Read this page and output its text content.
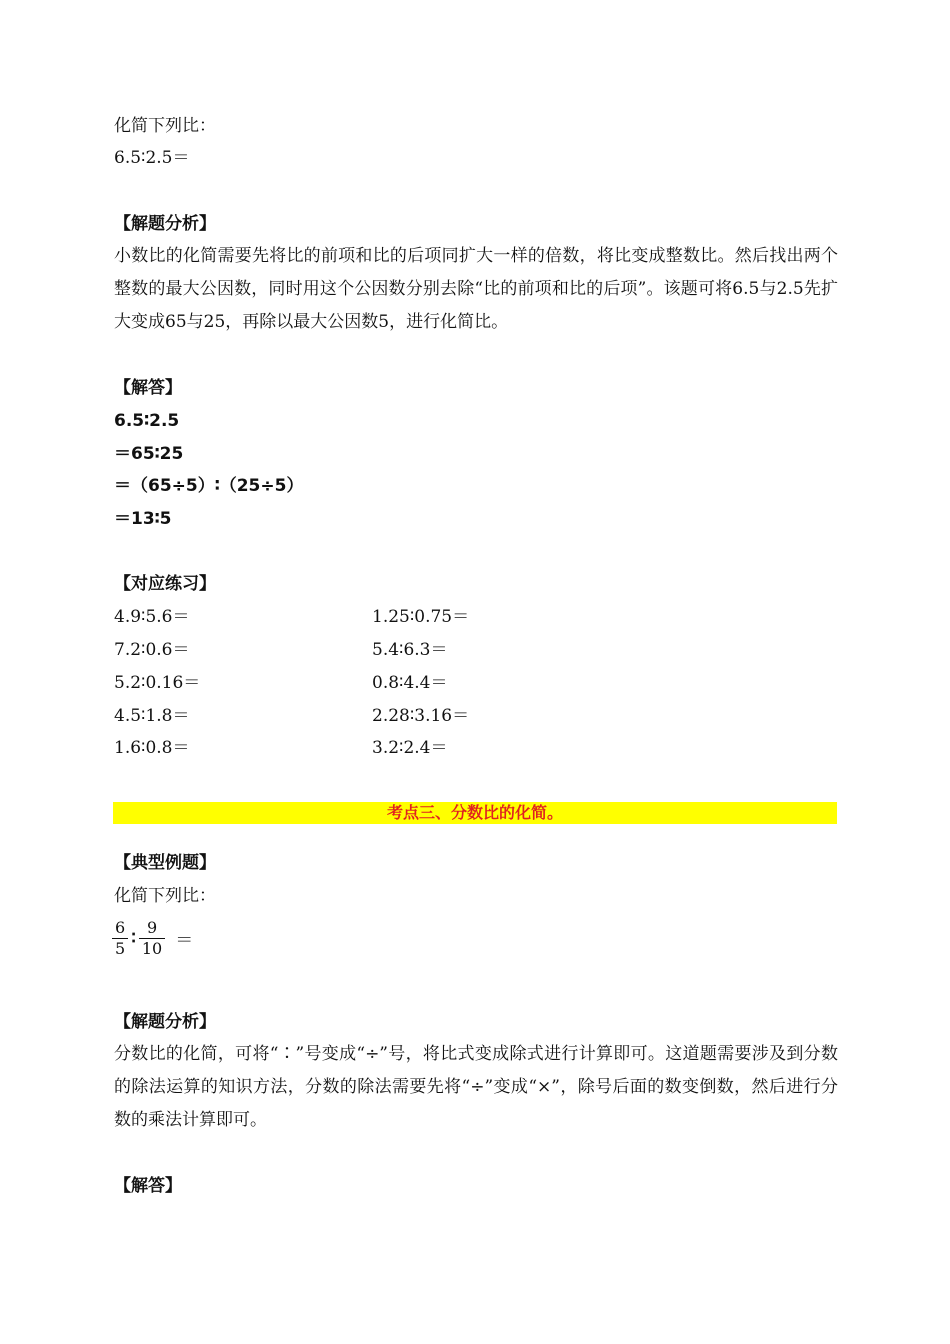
化简下列比：
6.5∶2.5＝
【解题分析】
小数比的化简需要先将比的前项和比的后项同扩大一样的倍数，将比变成整数比。然后找出两个整数的最大公因数，同时用这个公因数分别去除“比的前项和比的后项”。该题可将6.5与2.5先扩大变成65与25，再除以最大公因数5，进行化简比。
【解答】
6.5∶2.5
＝65∶25
＝（65÷5）∶（25÷5）
＝13∶5
【对应练习】
4.9∶5.6＝	1.25∶0.75＝
7.2∶0.6＝	5.4∶6.3＝
5.2∶0.16＝	0.8∶4.4＝
4.5∶1.8＝	2.28∶3.16＝
1.6∶0.8＝	3.2∶2.4＝
考点三、分数比的化简。
【典型例题】
化简下列比：
$\frac{6}{5}$ ∶ $\frac{9}{10}$ ＝
【解题分析】
分数比的化简，可将“∶”号变成“÷”号，将比式变成除式进行计算即可。这道题需要涉及到分数的除法运算的知识方法，分数的除法需要先将“÷”变成“×”，除号后面的数变倒数，然后进行分数的乘法计算即可。
【解答】
